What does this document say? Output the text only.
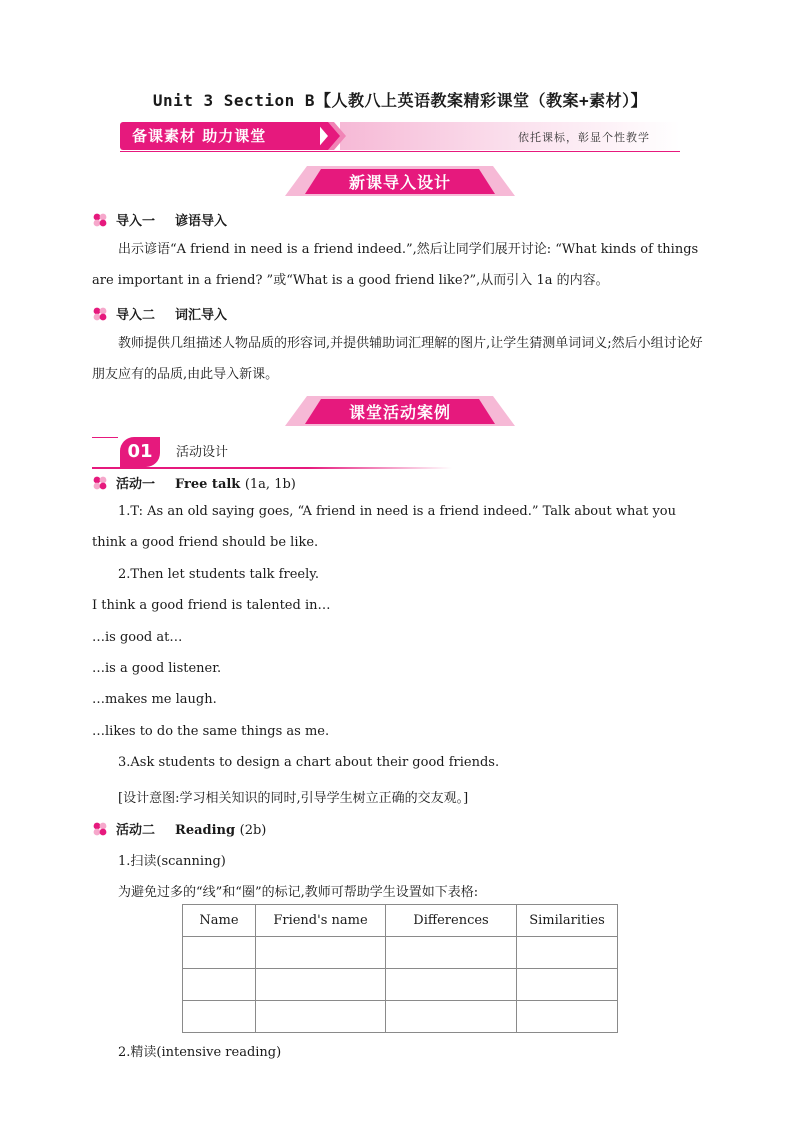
Unit 3 Section B【人教八上英语教案精彩课堂（教案+素材）】
备课素材 助力课堂	依托课标，彰显个性教学
新课导入设计
导入一 谚语导入
出示谚语“A friend in need is a friend indeed.”,然后让同学们展开讨论: “What kinds of things are important in a friend? ”或“What is a good friend like?”,从而引入 1a 的内容。
导入二 词汇导入
教师提供几组描述人物品质的形容词,并提供辅助词汇理解的图片,让学生猜测单词词义;然后小组讨论好朋友应有的品质,由此导入新课。
课堂活动案例
01	活动设计
活动一 Free talk (1a, 1b)
1.T: As an old saying goes, “A friend in need is a friend indeed.” Talk about what you think a good friend should be like.
2.Then let students talk freely.
I think a good friend is talented in…
…is good at…
…is a good listener.
…makes me laugh.
…likes to do the same things as me.
3.Ask students to design a chart about their good friends.
[设计意图:学习相关知识的同时,引导学生树立正确的交友观。]
活动二 Reading (2b)
1.扫读(scanning)
为避免过多的“线”和“圈”的标记,教师可帮助学生设置如下表格:
Name	Friend's name	Differences	Similarities

2.精读(intensive reading)
